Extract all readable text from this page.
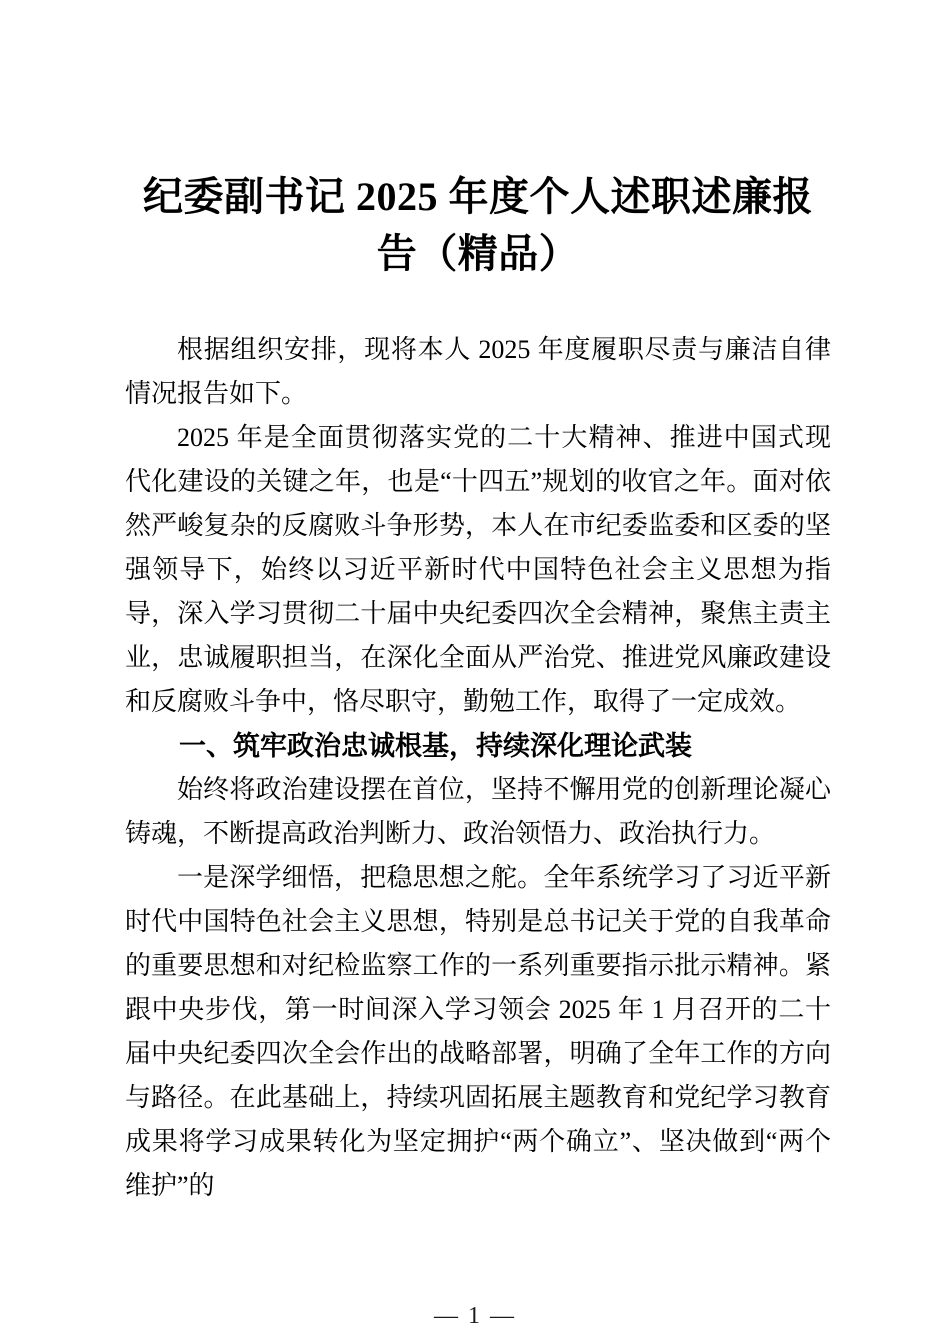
纪委副书记 2025 年度个人述职述廉报告（精品）

根据组织安排，现将本人 2025 年度履职尽责与廉洁自律情况报告如下。

2025 年是全面贯彻落实党的二十大精神、推进中国式现代化建设的关键之年，也是“十四五”规划的收官之年。面对依然严峻复杂的反腐败斗争形势，本人在市纪委监委和区委的坚强领导下，始终以习近平新时代中国特色社会主义思想为指导，深入学习贯彻二十届中央纪委四次全会精神，聚焦主责主业，忠诚履职担当，在深化全面从严治党、推进党风廉政建设和反腐败斗争中，恪尽职守，勤勉工作，取得了一定成效。

一、筑牢政治忠诚根基，持续深化理论武装

始终将政治建设摆在首位，坚持不懈用党的创新理论凝心铸魂，不断提高政治判断力、政治领悟力、政治执行力。

一是深学细悟，把稳思想之舵。全年系统学习了习近平新时代中国特色社会主义思想，特别是总书记关于党的自我革命的重要思想和对纪检监察工作的一系列重要指示批示精神。紧跟中央步伐，第一时间深入学习领会 2025 年 1 月召开的二十届中央纪委四次全会作出的战略部署，明确了全年工作的方向与路径。在此基础上，持续巩固拓展主题教育和党纪学习教育成果将学习成果转化为坚定拥护“两个确立”、坚决做到“两个维护”的

— 1 —
